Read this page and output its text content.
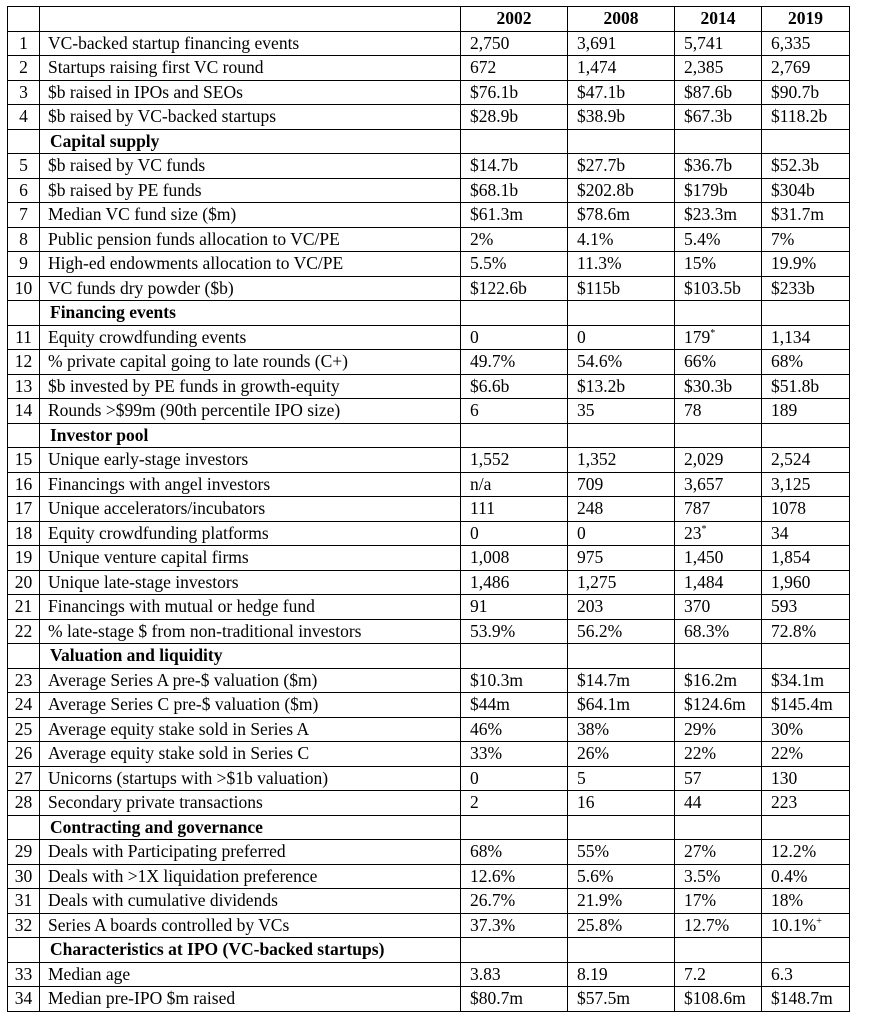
		2002	2008	2014	2019
1	VC-backed startup financing events	2,750	3,691	5,741	6,335
2	Startups raising first VC round	672	1,474	2,385	2,769
3	$b raised in IPOs and SEOs	$76.1b	$47.1b	$87.6b	$90.7b
4	$b raised by VC-backed startups	$28.9b	$38.9b	$67.3b	$118.2b
	Capital supply				
5	$b raised by VC funds	$14.7b	$27.7b	$36.7b	$52.3b
6	$b raised by PE funds	$68.1b	$202.8b	$179b	$304b
7	Median VC fund size ($m)	$61.3m	$78.6m	$23.3m	$31.7m
8	Public pension funds allocation to VC/PE	2%	4.1%	5.4%	7%
9	High-ed endowments allocation to VC/PE	5.5%	11.3%	15%	19.9%
10	VC funds dry powder ($b)	$122.6b	$115b	$103.5b	$233b
	Financing events				
11	Equity crowdfunding events	0	0	179*	1,134
12	% private capital going to late rounds (C+)	49.7%	54.6%	66%	68%
13	$b invested by PE funds in growth-equity	$6.6b	$13.2b	$30.3b	$51.8b
14	Rounds >$99m (90th percentile IPO size)	6	35	78	189
	Investor pool				
15	Unique early-stage investors	1,552	1,352	2,029	2,524
16	Financings with angel investors	n/a	709	3,657	3,125
17	Unique accelerators/incubators	111	248	787	1078
18	Equity crowdfunding platforms	0	0	23*	34
19	Unique venture capital firms	1,008	975	1,450	1,854
20	Unique late-stage investors	1,486	1,275	1,484	1,960
21	Financings with mutual or hedge fund	91	203	370	593
22	% late-stage $ from non-traditional investors	53.9%	56.2%	68.3%	72.8%
	Valuation and liquidity				
23	Average Series A pre-$ valuation ($m)	$10.3m	$14.7m	$16.2m	$34.1m
24	Average Series C pre-$ valuation ($m)	$44m	$64.1m	$124.6m	$145.4m
25	Average equity stake sold in Series A	46%	38%	29%	30%
26	Average equity stake sold in Series C	33%	26%	22%	22%
27	Unicorns (startups with >$1b valuation)	0	5	57	130
28	Secondary private transactions	2	16	44	223
	Contracting and governance				
29	Deals with Participating preferred	68%	55%	27%	12.2%
30	Deals with >1X liquidation preference	12.6%	5.6%	3.5%	0.4%
31	Deals with cumulative dividends	26.7%	21.9%	17%	18%
32	Series A boards controlled by VCs	37.3%	25.8%	12.7%	10.1%+
	Characteristics at IPO (VC-backed startups)				
33	Median age	3.83	8.19	7.2	6.3
34	Median pre-IPO $m raised	$80.7m	$57.5m	$108.6m	$148.7m
